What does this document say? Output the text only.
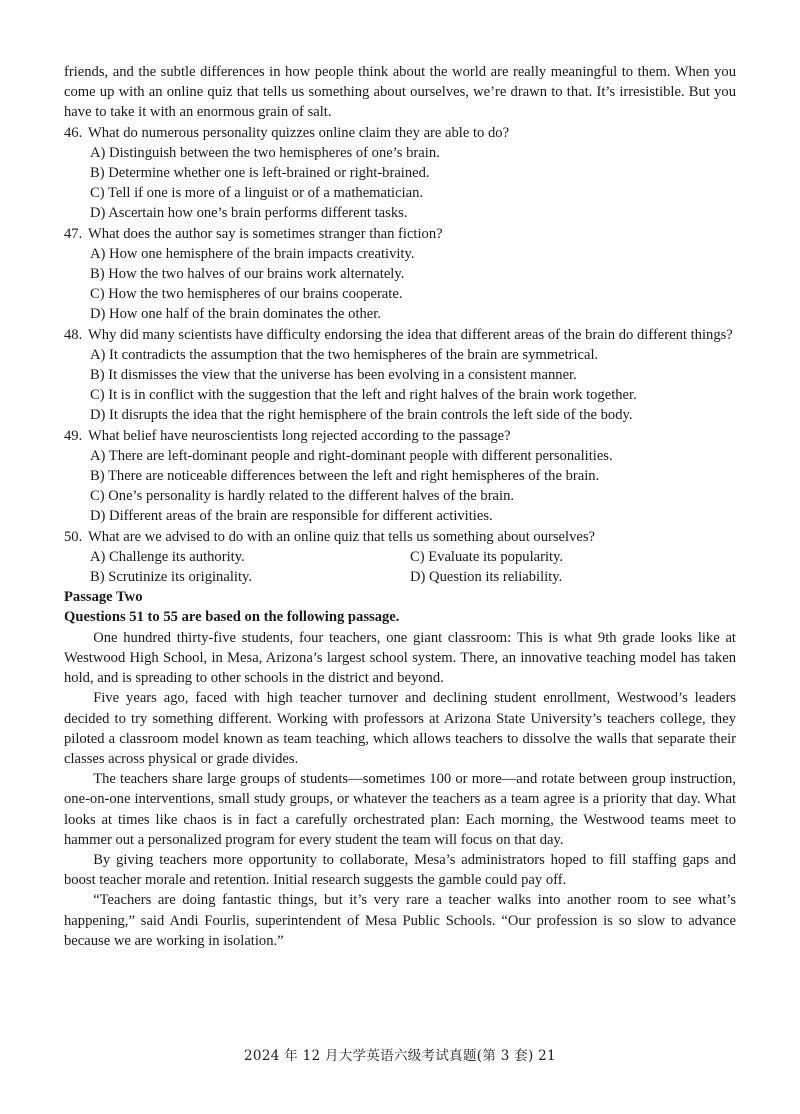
friends, and the subtle differences in how people think about the world are really meaningful to them. When you come up with an online quiz that tells us something about ourselves, we’re drawn to that. It’s irresistible. But you have to take it with an enormous grain of salt.

46. What do numerous personality quizzes online claim they are able to do?
A) Distinguish between the two hemispheres of one’s brain.
B) Determine whether one is left-brained or right-brained.
C) Tell if one is more of a linguist or of a mathematician.
D) Ascertain how one’s brain performs different tasks.
47. What does the author say is sometimes stranger than fiction?
A) How one hemisphere of the brain impacts creativity.
B) How the two halves of our brains work alternately.
C) How the two hemispheres of our brains cooperate.
D) How one half of the brain dominates the other.
48. Why did many scientists have difficulty endorsing the idea that different areas of the brain do different things?
A) It contradicts the assumption that the two hemispheres of the brain are symmetrical.
B) It dismisses the view that the universe has been evolving in a consistent manner.
C) It is in conflict with the suggestion that the left and right halves of the brain work together.
D) It disrupts the idea that the right hemisphere of the brain controls the left side of the body.
49. What belief have neuroscientists long rejected according to the passage?
A) There are left-dominant people and right-dominant people with different personalities.
B) There are noticeable differences between the left and right hemispheres of the brain.
C) One’s personality is hardly related to the different halves of the brain.
D) Different areas of the brain are responsible for different activities.
50. What are we advised to do with an online quiz that tells us something about ourselves?
A) Challenge its authority.	C) Evaluate its popularity.
B) Scrutinize its originality.	D) Question its reliability.
Passage Two
Questions 51 to 55 are based on the following passage.

One hundred thirty-five students, four teachers, one giant classroom: This is what 9th grade looks like at Westwood High School, in Mesa, Arizona’s largest school system. There, an innovative teaching model has taken hold, and is spreading to other schools in the district and beyond.

Five years ago, faced with high teacher turnover and declining student enrollment, Westwood’s leaders decided to try something different. Working with professors at Arizona State University’s teachers college, they piloted a classroom model known as team teaching, which allows teachers to dissolve the walls that separate their classes across physical or grade divides.

The teachers share large groups of students—sometimes 100 or more—and rotate between group instruction, one-on-one interventions, small study groups, or whatever the teachers as a team agree is a priority that day. What looks at times like chaos is in fact a carefully orchestrated plan: Each morning, the Westwood teams meet to hammer out a personalized program for every student the team will focus on that day.

By giving teachers more opportunity to collaborate, Mesa’s administrators hoped to fill staffing gaps and boost teacher morale and retention. Initial research suggests the gamble could pay off.

“Teachers are doing fantastic things, but it’s very rare a teacher walks into another room to see what’s happening,” said Andi Fourlis, superintendent of Mesa Public Schools. “Our profession is so slow to advance because we are working in isolation.”

2024 年 12 月大学英语六级考试真题(第 3 套) 21
